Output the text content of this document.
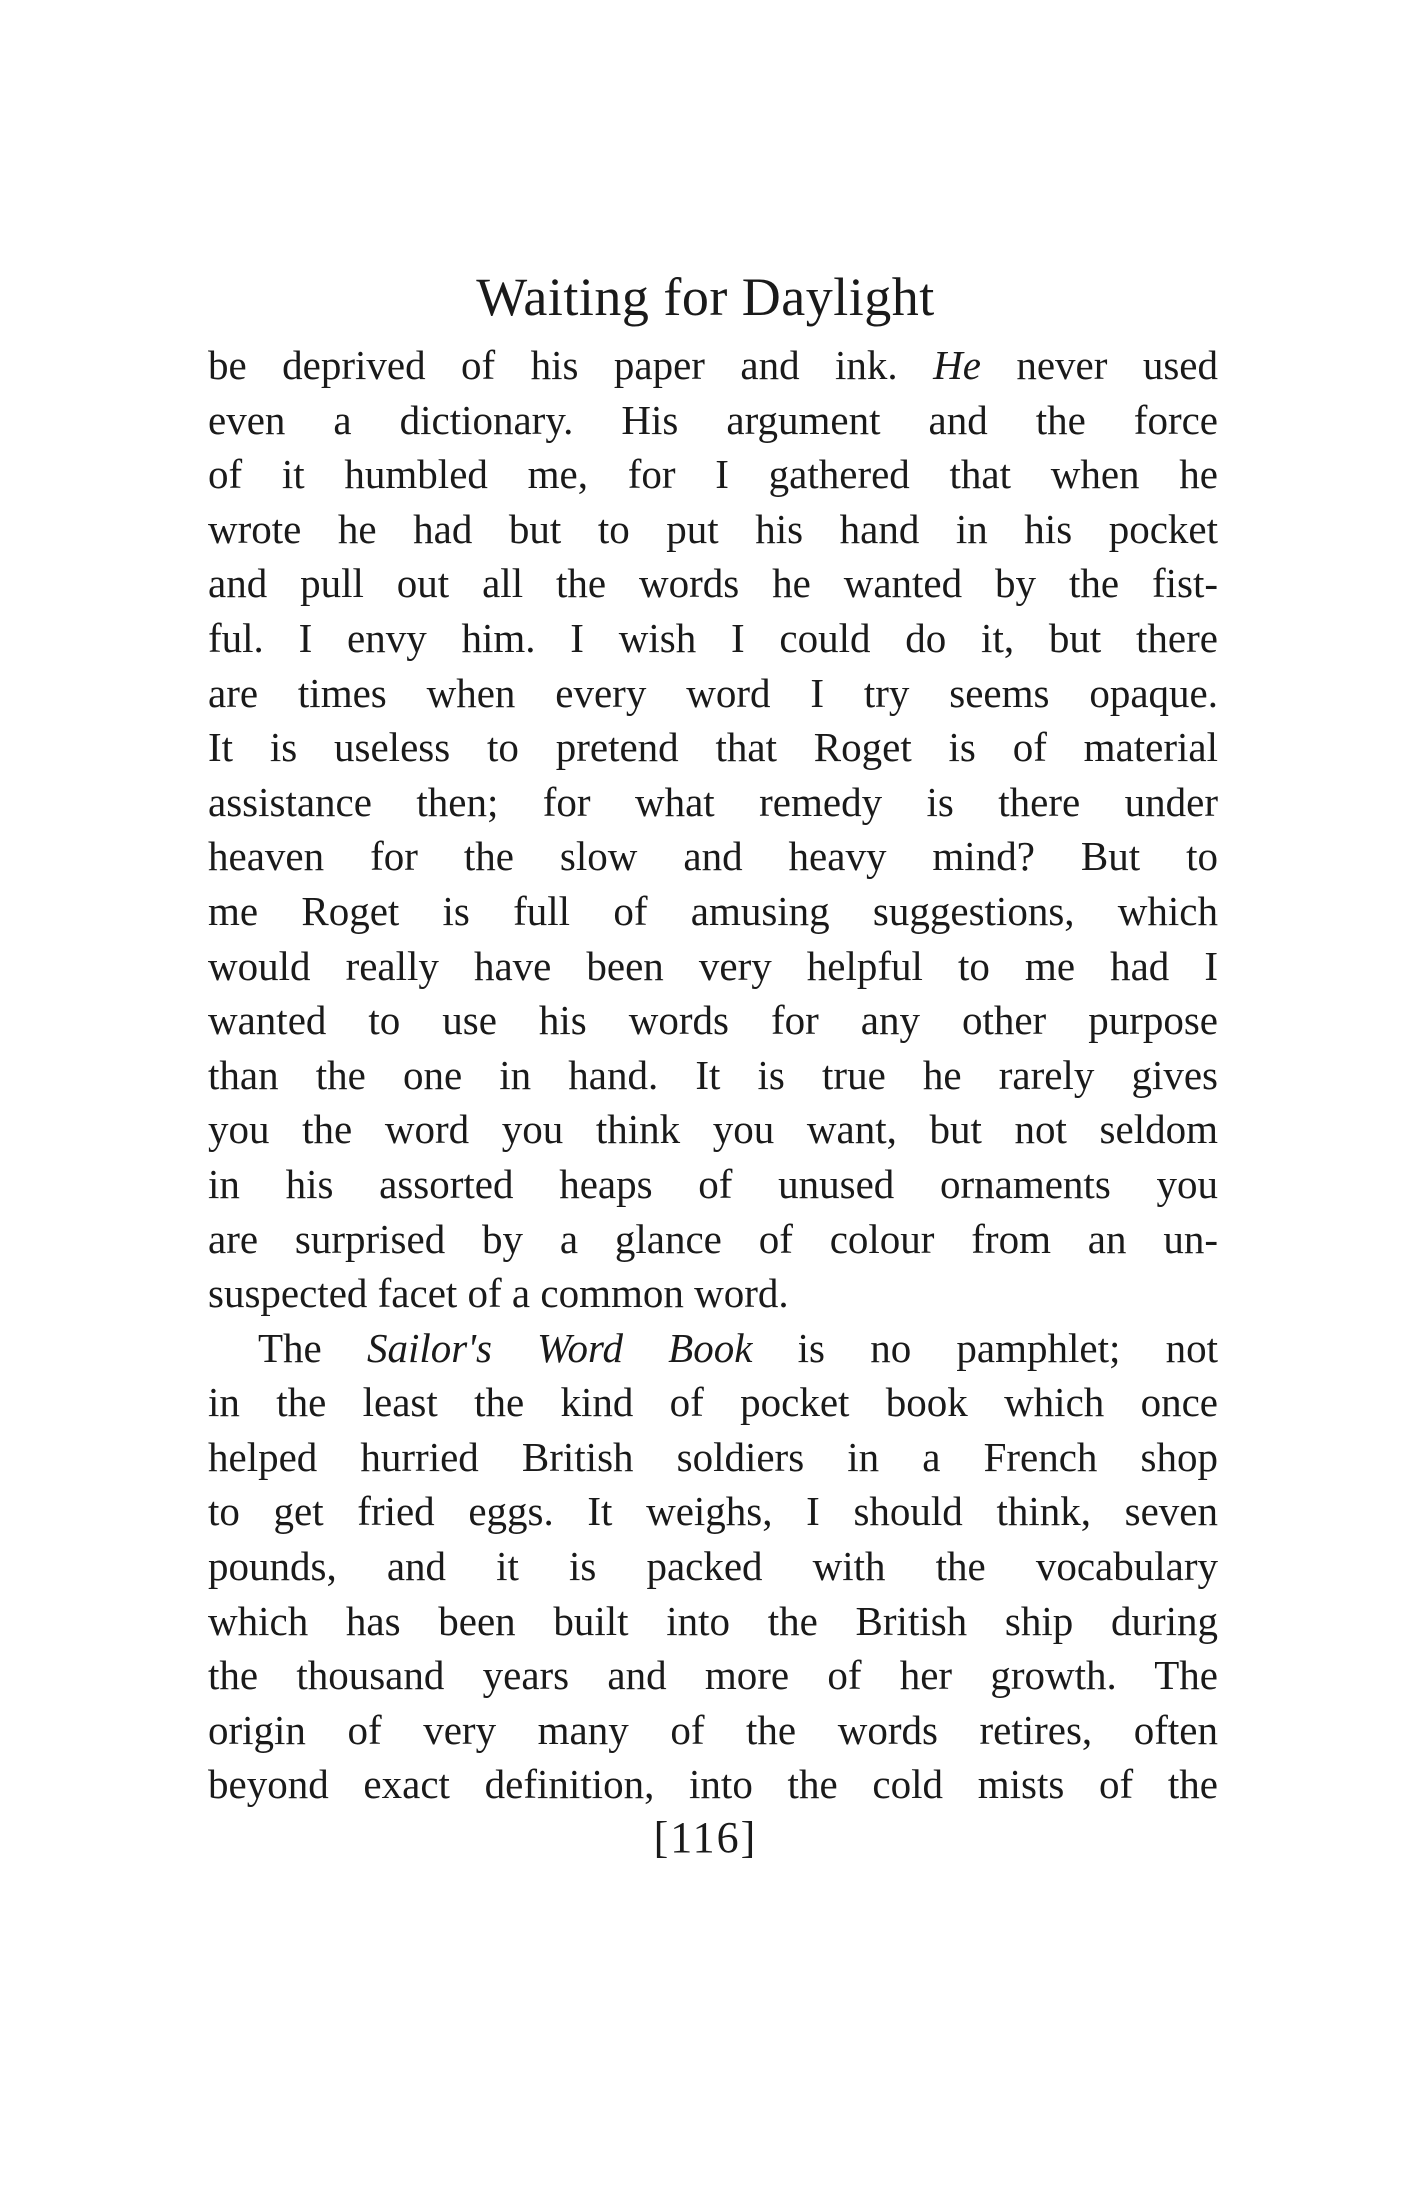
Waiting for Daylight
be deprived of his paper and ink. He never used
even a dictionary. His argument and the force
of it humbled me, for I gathered that when he
wrote he had but to put his hand in his pocket
and pull out all the words he wanted by the fist-
ful. I envy him. I wish I could do it, but there
are times when every word I try seems opaque.
It is useless to pretend that Roget is of material
assistance then; for what remedy is there under
heaven for the slow and heavy mind? But to
me Roget is full of amusing suggestions, which
would really have been very helpful to me had I
wanted to use his words for any other purpose
than the one in hand. It is true he rarely gives
you the word you think you want, but not seldom
in his assorted heaps of unused ornaments you
are surprised by a glance of colour from an un-
suspected facet of a common word.
The Sailor's Word Book is no pamphlet; not
in the least the kind of pocket book which once
helped hurried British soldiers in a French shop
to get fried eggs. It weighs, I should think, seven
pounds, and it is packed with the vocabulary
which has been built into the British ship during
the thousand years and more of her growth. The
origin of very many of the words retires, often
beyond exact definition, into the cold mists of the
[116]
